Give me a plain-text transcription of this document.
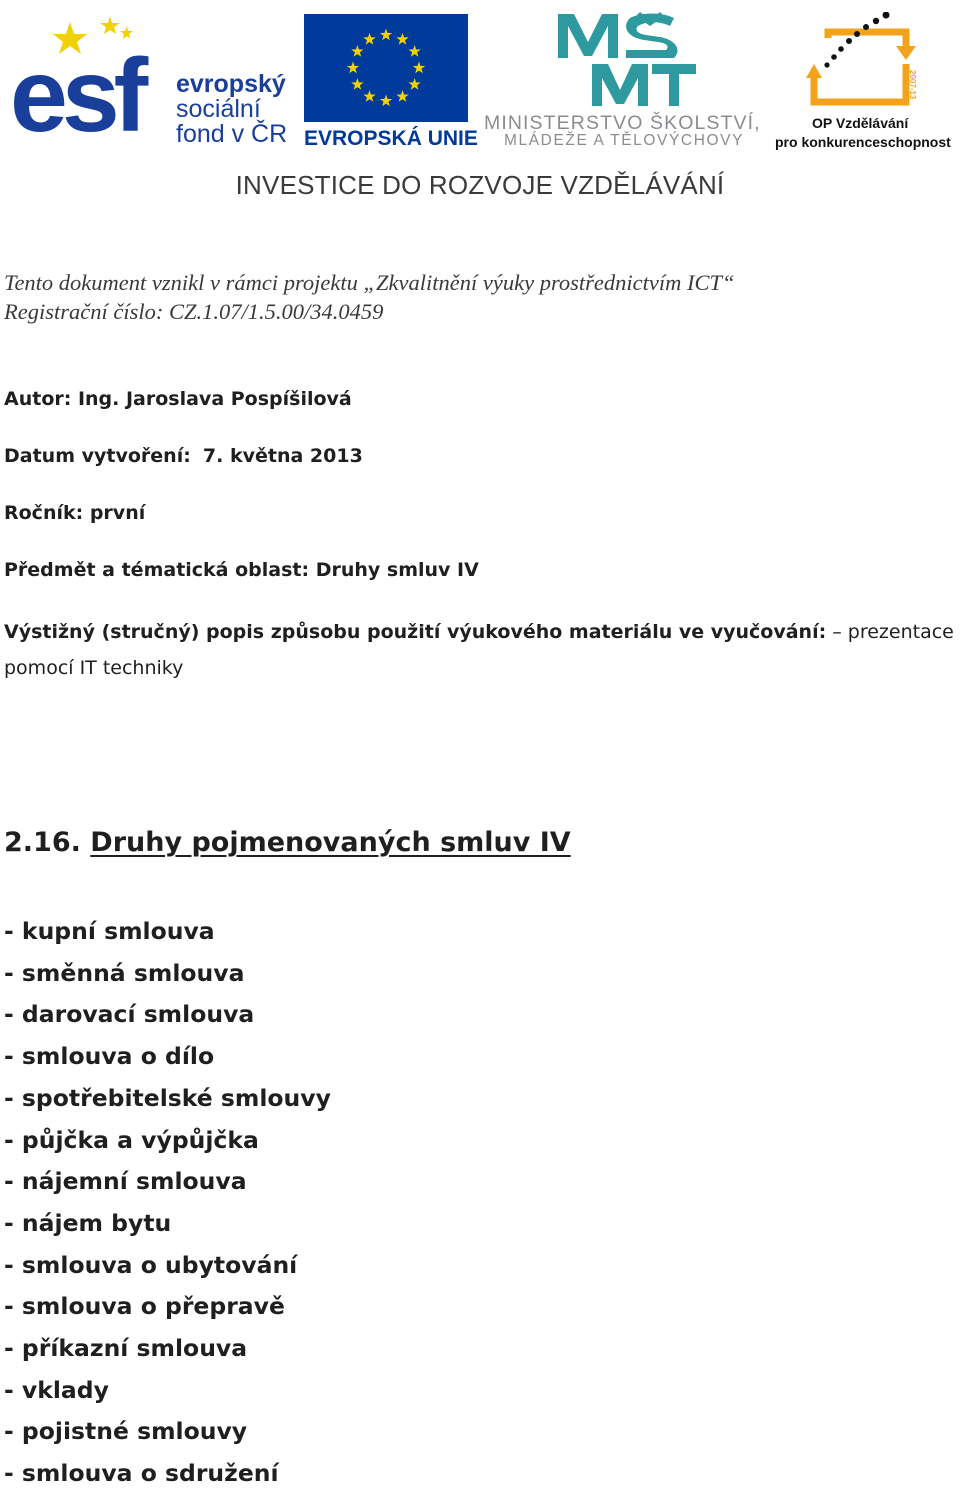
esf evropský
sociální
fond v ČR EVROPSKÁ UNIE
MINISTERSTVO ŠKOLSTVÍ,
MLÁDEŽE A TĚLOVÝCHOVY
2007-13
OP Vzdělávání
pro konkurenceschopnost
INVESTICE DO ROZVOJE VZDĚLÁVÁNÍ
Tento dokument vznikl v rámci projektu „Zkvalitnění výuky prostřednictvím ICT“
Registrační číslo: CZ.1.07/1.5.00/34.0459
Autor: Ing. Jaroslava Pospíšilová
Datum vytvoření: 7. května 2013
Ročník: první
Předmět a tématická oblast: Druhy smluv IV
Výstižný (stručný) popis způsobu použití výukového materiálu ve vyučování: – prezentace pomocí IT techniky
2.16. Druhy pojmenovaných smluv IV
- kupní smlouva
- směnná smlouva
- darovací smlouva
- smlouva o dílo
- spotřebitelské smlouvy
- půjčka a výpůjčka
- nájemní smlouva
- nájem bytu
- smlouva o ubytování
- smlouva o přepravě
- příkazní smlouva
- vklady
- pojistné smlouvy
- smlouva o sdružení
